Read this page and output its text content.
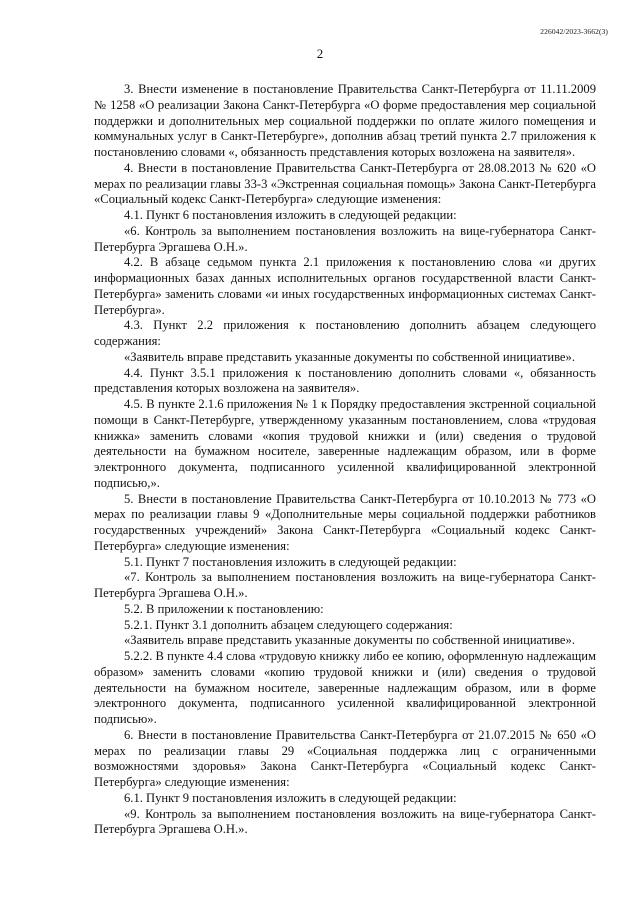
226042/2023-3662(3)
2

3. Внести изменение в постановление Правительства Санкт-Петербурга от 11.11.2009 № 1258 «О реализации Закона Санкт-Петербурга «О форме предоставления мер социальной поддержки и дополнительных мер социальной поддержки по оплате жилого помещения и коммунальных услуг в Санкт-Петербурге», дополнив абзац третий пункта 2.7 приложения к постановлению словами «, обязанность представления которых возложена на заявителя».

4. Внести в постановление Правительства Санкт-Петербурга от 28.08.2013 № 620 «О мерах по реализации главы 33-3 «Экстренная социальная помощь» Закона Санкт-Петербурга «Социальный кодекс Санкт-Петербурга» следующие изменения:

4.1. Пункт 6 постановления изложить в следующей редакции:

«6. Контроль за выполнением постановления возложить на вице-губернатора Санкт-Петербурга Эргашева О.Н.».

4.2. В абзаце седьмом пункта 2.1 приложения к постановлению слова «и других информационных базах данных исполнительных органов государственной власти Санкт-Петербурга» заменить словами «и иных государственных информационных системах Санкт-Петербурга».

4.3. Пункт 2.2 приложения к постановлению дополнить абзацем следующего содержания:

«Заявитель вправе представить указанные документы по собственной инициативе».

4.4. Пункт 3.5.1 приложения к постановлению дополнить словами «, обязанность представления которых возложена на заявителя».

4.5. В пункте 2.1.6 приложения № 1 к Порядку предоставления экстренной социальной помощи в Санкт-Петербурге, утвержденному указанным постановлением, слова «трудовая книжка» заменить словами «копия трудовой книжки и (или) сведения о трудовой деятельности на бумажном носителе, заверенные надлежащим образом, или в форме электронного документа, подписанного усиленной квалифицированной электронной подписью,».

5. Внести в постановление Правительства Санкт-Петербурга от 10.10.2013 № 773 «О мерах по реализации главы 9 «Дополнительные меры социальной поддержки работников государственных учреждений» Закона Санкт-Петербурга «Социальный кодекс Санкт-Петербурга» следующие изменения:

5.1. Пункт 7 постановления изложить в следующей редакции:

«7. Контроль за выполнением постановления возложить на вице-губернатора Санкт-Петербурга Эргашева О.Н.».

5.2. В приложении к постановлению:

5.2.1. Пункт 3.1 дополнить абзацем следующего содержания:

«Заявитель вправе представить указанные документы по собственной инициативе».

5.2.2. В пункте 4.4 слова «трудовую книжку либо ее копию, оформленную надлежащим образом» заменить словами «копию трудовой книжки и (или) сведения о трудовой деятельности на бумажном носителе, заверенные надлежащим образом, или в форме электронного документа, подписанного усиленной квалифицированной электронной подписью».

6. Внести в постановление Правительства Санкт-Петербурга от 21.07.2015 № 650 «О мерах по реализации главы 29 «Социальная поддержка лиц с ограниченными возможностями здоровья» Закона Санкт-Петербурга «Социальный кодекс Санкт-Петербурга» следующие изменения:

6.1. Пункт 9 постановления изложить в следующей редакции:

«9. Контроль за выполнением постановления возложить на вице-губернатора Санкт-Петербурга Эргашева О.Н.».
